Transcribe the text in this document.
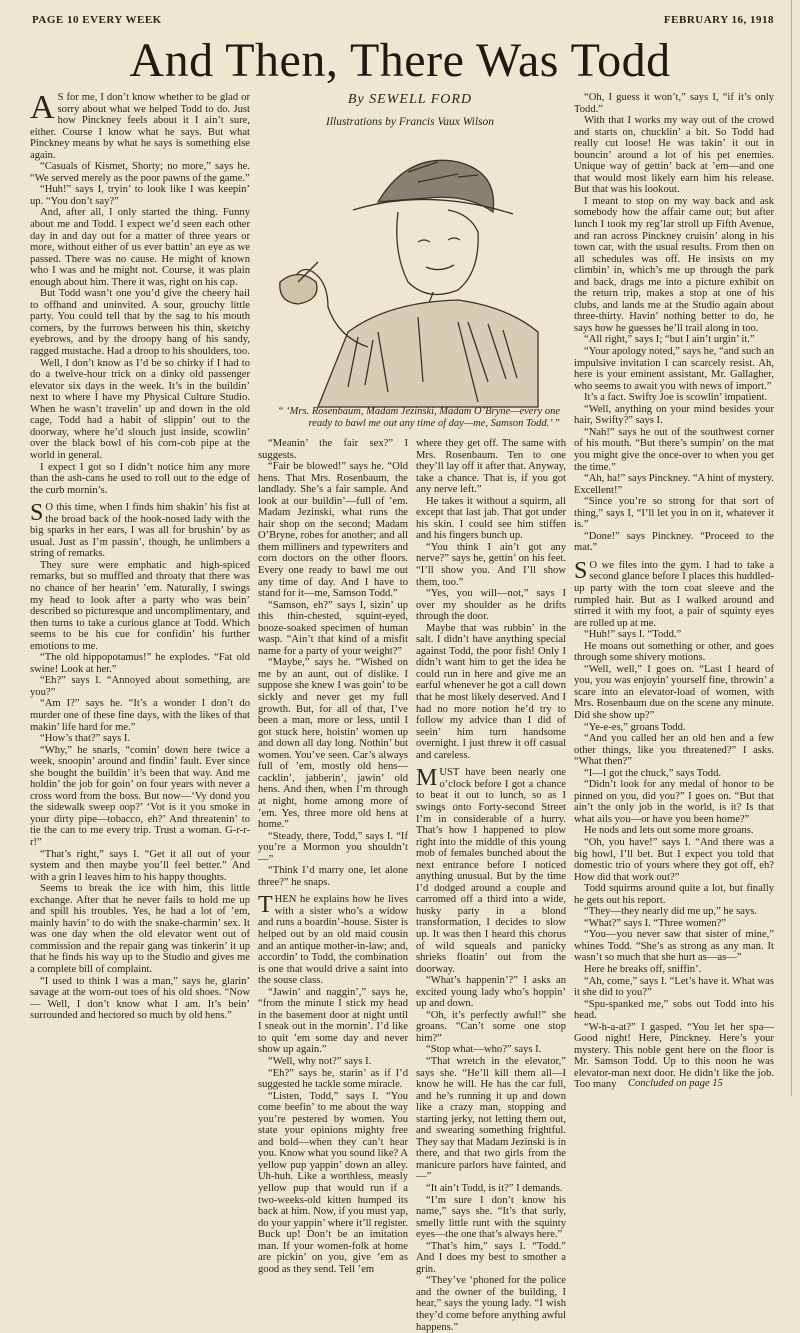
PAGE 10 EVERY WEEK	FEBRUARY 16, 1918
And Then, There Was Todd
By SEWELL FORD
Illustrations by Francis Vaux Wilson
“ ‘Mrs. Rosenbaum, Madam Jezinski, Madam O’Bryne—every one ready to bawl me out any time of day—me, Samson Todd.’ ”

A S for me, I don’t know whether to be glad or sorry about what we helped Todd to do. Just how Pinckney feels about it I ain’t sure, either. Course I know what he says. But what Pinckney means by what he says is something else again.

“Casuals of Kismet, Shorty; no more,” says he. “We served merely as the poor pawns of the game.”

“Huh!” says I, tryin’ to look like I was keepin’ up. “You don’t say?”

And, after all, I only started the thing. Funny about me and Todd. I expect we’d seen each other day in and day out for a matter of three years or more, without either of us ever battin’ an eye as we passed. There was no cause. He might of known who I was and he might not. Course, it was plain enough about him. There it was, right on his cap.

But Todd wasn’t one you’d give the cheery hail to offhand and uninvited. A sour, grouchy little party. You could tell that by the sag to his mouth corners, by the furrows between his thin, sketchy eyebrows, and by the droopy hang of his sandy, ragged mustache. Had a droop to his shoulders, too.

Well, I don’t know as I’d be so chirky if I had to do a twelve-hour trick on a dinky old passenger elevator six days in the week. It’s in the buildin’ next to where I have my Physical Culture Studio. When he wasn’t travelin’ up and down in the old cage, Todd had a habit of slippin’ out to the doorway, where he’d slouch just inside, scowlin’ over the black bowl of his corn-cob pipe at the world in general.

I expect I got so I didn’t notice him any more than the ash-cans he used to roll out to the edge of the curb mornin’s.

S O this time, when I finds him shakin’ his fist at the broad back of the hook-nosed lady with the big sparks in her ears, I was all for brushin’ by as usual. Just as I’m passin’, though, he unlimbers a string of remarks.

They sure were emphatic and high-spiced remarks, but so muffled and throaty that there was no chance of her hearin’ ’em. Naturally, I swings my head to look after a party who was bein’ described so picturesque and uncomplimentary, and then turns to take a curious glance at Todd. Which seems to be his cue for confidin’ his further emotions to me.

“The old hippopotamus!” he explodes. “Fat old swine! Look at her.”

“Eh?” says I. “Annoyed about something, are you?”

“Am I?” says he. “It’s a wonder I don’t do murder one of these fine days, with the likes of that makin’ life hard for me.”

“How’s that?” says I.

“Why,” he snarls, “comin’ down here twice a week, snoopin’ around and findin’ fault. Ever since she bought the buildin’ it’s been that way. And me holdin’ the job for goin’ on four years with never a cross word from the boss. But now—‘Vy dond you the sidewalk sweep oop?’ ‘Vot is it you smoke in your dirty pipe—tobacco, eh?’ And threatenin’ to tie the can to me every trip. Trust a woman. G-r-r-r!”

“That’s right,” says I. “Get it all out of your system and then maybe you’ll feel better.” And with a grin I leaves him to his happy thoughts.

Seems to break the ice with him, this little exchange. After that he never fails to hold me up and spill his troubles. Yes, he had a lot of ’em, mainly havin’ to do with the snake-charmin’ sex. It was one day when the old elevator went out of commission and the repair gang was tinkerin’ it up that he finds his way up to the Studio and gives me a complete bill of complaint.

“I used to think I was a man,” says he, glarin’ savage at the worn-out toes of his old shoes. “Now— Well, I don’t know what I am. It’s bein’ surrounded and hectored so much by old hens.”

“Meanin’ the fair sex?” I suggests.

“Fair be blowed!” says he. “Old hens. That Mrs. Rosenbaum, the landlady. She’s a fair sample. And look at our buildin’—full of ’em. Madam Jezinski, what runs the hair shop on the second; Madam O’Bryne, robes for another; and all them milliners and typewriters and corn doctors on the other floors. Every one ready to bawl me out any time of day. And I have to stand for it—me, Samson Todd.”

“Samson, eh?” says I, sizin’ up this thin-chested, squint-eyed, booze-soaked specimen of human wasp. “Ain’t that kind of a misfit name for a party of your weight?”

“Maybe,” says he. “Wished on me by an aunt, out of dislike. I suppose she knew I was goin’ to be sickly and never get my full growth. But, for all of that, I’ve been a man, more or less, until I got stuck here, hoistin’ women up and down all day long. Nothin’ but women. You’ve seen. Car’s always full of ’em, mostly old hens—cacklin’, jabberin’, jawin’ old hens. And then, when I’m through at night, home among more of ’em. Yes, three more old hens at home.”

“Steady, there, Todd,” says I. “If you’re a Mormon you shouldn’t—”

“Think I’d marry one, let alone three?” he snaps.

THEN he explains how he lives with a sister who’s a widow and runs a boardin’-house. Sister is helped out by an old maid cousin and an antique mother-in-law; and, accordin’ to Todd, the combination is one that would drive a saint into the souse class.

“Jawin’ and naggin’,” says he, “from the minute I stick my head in the basement door at night until I sneak out in the mornin’. I’d like to quit ’em some day and never show up again.”

“Well, why not?” says I.

“Eh?” says he, starin’ as if I’d suggested he tackle some miracle.

“Listen, Todd,” says I. “You come beefin’ to me about the way you’re pestered by women. You state your opinions mighty free and bold—when they can’t hear you. Know what you sound like? A yellow pup yappin’ down an alley. Uh-huh. Like a worthless, measly yellow pup that would run if a two-weeks-old kitten humped its back at him. Now, if you must yap, do your yappin’ where it’ll register. Buck up! Don’t be an imitation man. If your women-folk at home are pickin’ on you, give ’em as good as they send. Tell ’em

where they get off. The same with Mrs. Rosenbaum. Ten to one they’ll lay off it after that. Anyway, take a chance. That is, if you got any nerve left.”

He takes it without a squirm, all except that last jab. That got under his skin. I could see him stiffen and his fingers bunch up.

“You think I ain’t got any nerve?” says he, gettin’ on his feet. “I’ll show you. And I’ll show them, too.”

“Yes, you will—not,” says I over my shoulder as he drifts through the door.

Maybe that was rubbin’ in the salt. I didn’t have anything special against Todd, the poor fish! Only I didn’t want him to get the idea he could run in here and give me an earful whenever he got a call down that he most likely deserved. And I had no more notion he’d try to follow my advice than I did of seein’ him turn handsome overnight. I just threw it off casual and careless.

MUST have been nearly one o’clock before I got a chance to beat it out to lunch, so as I swings onto Forty-second Street I’m in considerable of a hurry. That’s how I happened to plow right into the middle of this young mob of females bunched about the next entrance before I noticed anything unusual. But by the time I’d dodged around a couple and carromed off a third into a wide, husky party in a blond transformation, I decides to slow up. It was then I heard this chorus of wild squeals and panicky shrieks floatin’ out from the doorway.

“What’s happenin’?” I asks an excited young lady who’s hoppin’ up and down.

“Oh, it’s perfectly awful!” she groans. “Can’t some one stop him?”

“Stop what—who?” says I.

“That wretch in the elevator,” says she. “He’ll kill them all—I know he will. He has the car full, and he’s running it up and down like a crazy man, stopping and starting jerky, not letting them out, and swearing something frightful. They say that Madam Jezinski is in there, and that two girls from the manicure parlors have fainted, and—”

“It ain’t Todd, is it?” I demands.

“I’m sure I don’t know his name,” says she. “It’s that surly, smelly little runt with the squinty eyes—the one that’s always here.”

“That’s him,” says I. “Todd.” And I does my best to smother a grin.

“They’ve ‘phoned for the police and the owner of the building, I hear,” says the young lady. “I wish they’d come before anything awful happens.”

“Oh, I guess it won’t,” says I, “if it’s only Todd.”

With that I works my way out of the crowd and starts on, chucklin’ a bit. So Todd had really cut loose! He was takin’ it out in bouncin’ around a lot of his pet enemies. Unique way of gettin’ back at ’em—and one that would most likely earn him his release. But that was his lookout.

I meant to stop on my way back and ask somebody how the affair came out; but after lunch I took my reg’lar stroll up Fifth Avenue, and ran across Pinckney cruisin’ along in his town car, with the usual results. From then on all schedules was off. He insists on my climbin’ in, which’s me up through the park and back, drags me into a picture exhibit on the return trip, makes a stop at one of his clubs, and lands me at the Studio again about three-thirty. Havin’ nothing better to do, he says how he guesses he’ll trail along in too.

“All right,” says I; “but I ain’t urgin’ it.”

“Your apology noted,” says he, “and such an impulsive invitation I can scarcely resist. Ah, here is your eminent assistant, Mr. Gallagher, who seems to await you with news of import.”

It’s a fact. Swifty Joe is scowlin’ impatient.

“Well, anything on your mind besides your hair, Swifty?” says I.

“Nah!” says he out of the southwest corner of his mouth. “But there’s sumpin’ on the mat you might give the once-over to when you get the time.”

“Ah, ha!” says Pinckney. “A hint of mystery. Excellent!”

“Since you’re so strong for that sort of thing,” says I, “I’ll let you in on it, whatever it is.”

“Done!” says Pinckney. “Proceed to the mat.”

S O we files into the gym. I had to take a second glance before I places this huddled-up party with the torn coat sleeve and the rumpled hair. But as I walked around and stirred it with my foot, a pair of squinty eyes are rolled up at me.

“Huh!” says I. “Todd.”

He moans out something or other, and goes through some shivery motions.

“Well, well,” I goes on. “Last I heard of you, you was enjoyin’ yourself fine, throwin’ a scare into an elevator-load of women, with Mrs. Rosenbaum due on the scene any minute. Did she show up?”

“Ye-e-es,” groans Todd.

“And you called her an old hen and a few other things, like you threatened?” I asks. “What then?”

“I—I got the chuck,” says Todd.

“Didn’t look for any medal of honor to be pinned on you, did you?” I goes on. “But that ain’t the only job in the world, is it? Is that what ails you—or have you been home?”

He nods and lets out some more groans.

“Oh, you have!” says I. “And there was a big howl, I’ll bet. But I expect you told that domestic trio of yours where they got off, eh? How did that work out?”

Todd squirms around quite a lot, but finally he gets out his report.

“They—they nearly did me up,” he says.

“What?” says I. “Three women?”

“You—you never saw that sister of mine,” whines Todd. “She’s as strong as any man. It wasn’t so much that she hurt as—as—”

Here he breaks off, sniffin’.

“Ah, come,” says I. “Let’s have it. What was it she did to you?”

“Spu-spanked me,” sobs out Todd into his head.

“W-h-a-at?” I gasped. “You let her spa— Good night! Here, Pinckney. Here’s your mystery. This noble gent here on the floor is Mr. Samson Todd. Up to this noon he was elevator-man next door. He didn’t like the job. Too many	Concluded on page 15
